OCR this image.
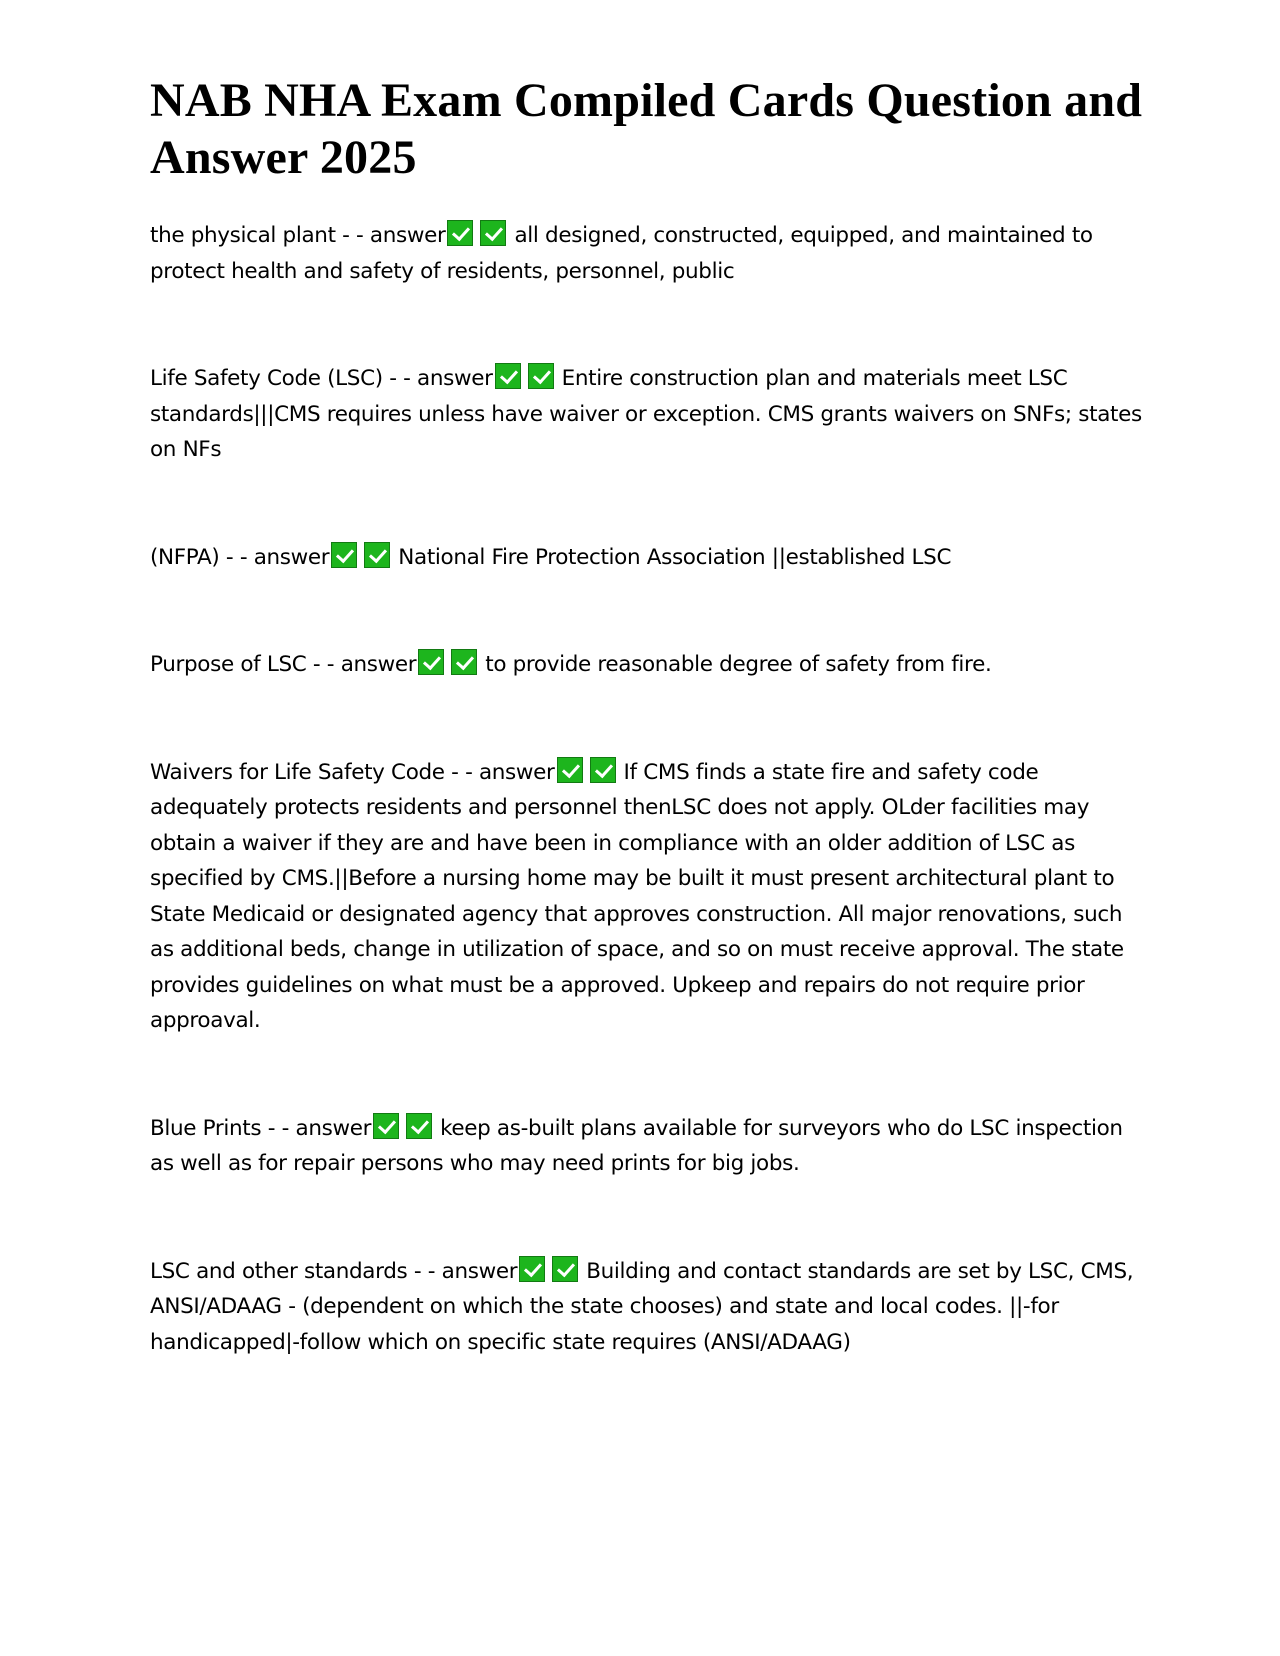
NAB NHA Exam Compiled Cards Question and Answer 2025
the physical plant - - answer	all designed, constructed, equipped, and maintained to protect health and safety of residents, personnel, public
Life Safety Code (LSC) - - answer	Entire construction plan and materials meet LSC standards|||CMS requires unless have waiver or exception. CMS grants waivers on SNFs; states on NFs
(NFPA) - - answer	National Fire Protection Association ||established LSC
Purpose of LSC - - answer	to provide reasonable degree of safety from fire.
Waivers for Life Safety Code - - answer	If CMS finds a state fire and safety code adequately protects residents and personnel thenLSC does not apply. OLder facilities may obtain a waiver if they are and have been in compliance with an older addition of LSC as specified by CMS.||Before a nursing home may be built it must present architectural plant to State Medicaid or designated agency that approves construction. All major renovations, such as additional beds, change in utilization of space, and so on must receive approval. The state provides guidelines on what must be a approved. Upkeep and repairs do not require prior approaval.
Blue Prints - - answer	keep as-built plans available for surveyors who do LSC inspection as well as for repair persons who may need prints for big jobs.
LSC and other standards - - answer	Building and contact standards are set by LSC, CMS, ANSI/ADAAG - (dependent on which the state chooses) and state and local codes. ||-for handicapped|-follow which on specific state requires (ANSI/ADAAG)
